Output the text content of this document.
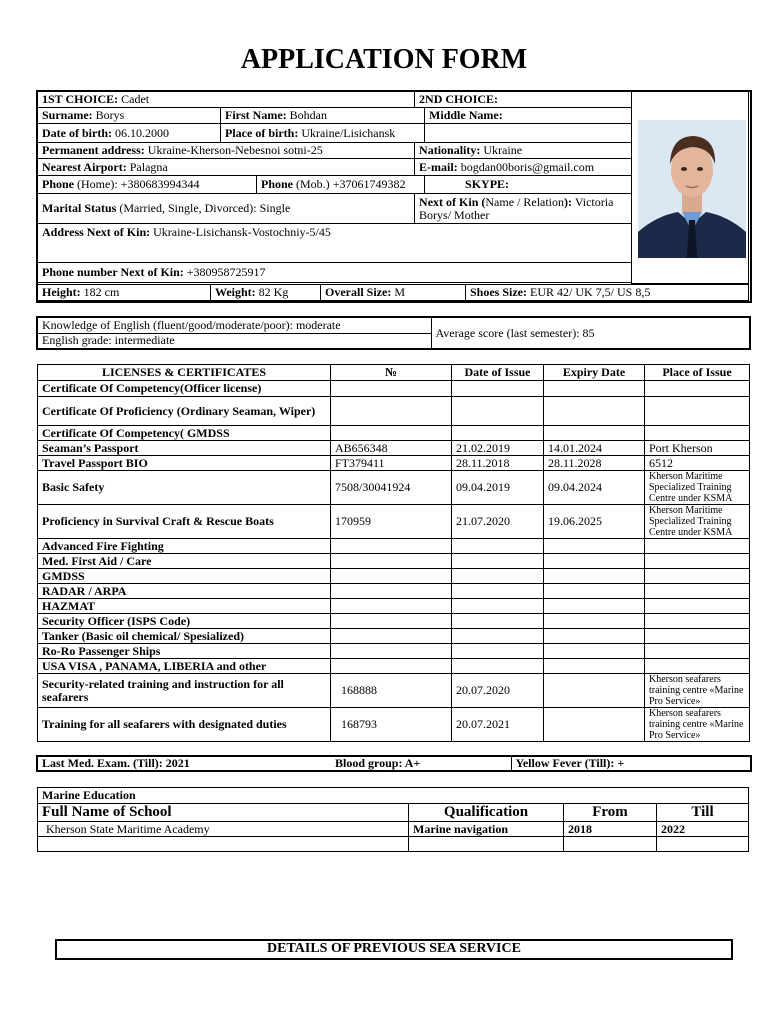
APPLICATION FORM
1ST CHOICE: Cadet			2ND CHOICE:	
Surname: Borys	First Name: Bohdan			Middle Name:
Date of birth: 06.10.2000	Place of birth: Ukraine/Lisichansk			
Permanent address: Ukraine-Kherson-Nebesnoi sotni-25			Nationality: Ukraine	
Nearest Airport: Palagna			E-mail: bogdan00boris@gmail.com	
Phone (Home): +380683994344		Phone (Mob.) +37061749382		SKYPE:
Marital Status (Married, Single, Divorced): Single			Next of Kin (Name / Relation): Victoria Borys/ Mother	
Address Next of Kin: Ukraine-Lisichansk-Vostochniy-5/45				
Phone number Next of Kin: +380958725917				
Height: 182 cm	Weight: 82 Kg	Overall Size: M	Shoes Size: EUR 42/ UK 7,5/ US 8,5
Knowledge of English (fluent/good/moderate/poor): moderate	Average score (last semester): 85
English grade: intermediate
LICENSES & CERTIFICATES	№	Date of Issue	Expiry Date	Place of Issue
Certificate Of Competency(Officer license)				
Certificate Of Proficiency (Ordinary Seaman, Wiper)				
Certificate Of Competency( GMDSS				
Seaman’s Passport	AB656348	21.02.2019	14.01.2024	Port Kherson
Travel Passport BIO	FT379411	28.11.2018	28.11.2028	6512
Basic Safety	7508/30041924	09.04.2019	09.04.2024	Kherson Maritime Specialized Training Centre under KSMA
Proficiency in Survival Craft & Rescue Boats	170959	21.07.2020	19.06.2025	Kherson Maritime Specialized Training Centre under KSMA
Advanced Fire Fighting				
Med. First Aid / Care				
GMDSS				
RADAR / ARPA				
HAZMAT				
Security Officer (ISPS Code)				
Tanker (Basic oil chemical/ Spesialized)				
Ro-Ro Passenger Ships				
USA VISA , PANAMA, LIBERIA and other				
Security-related training and instruction for all seafarers	168888	20.07.2020		Kherson seafarers training centre «Marine Pro Service»
Training for all seafarers with designated duties	168793	20.07.2021		Kherson seafarers training centre «Marine Pro Service»
Last Med. Exam. (Till): 2021	Blood group: A+	Yellow Fever (Till): +
Marine Education			
Full Name of School	Qualification	From	Till
Kherson State Maritime Academy	Marine navigation	2018	2022

DETAILS OF PREVIOUS SEA SERVICE
